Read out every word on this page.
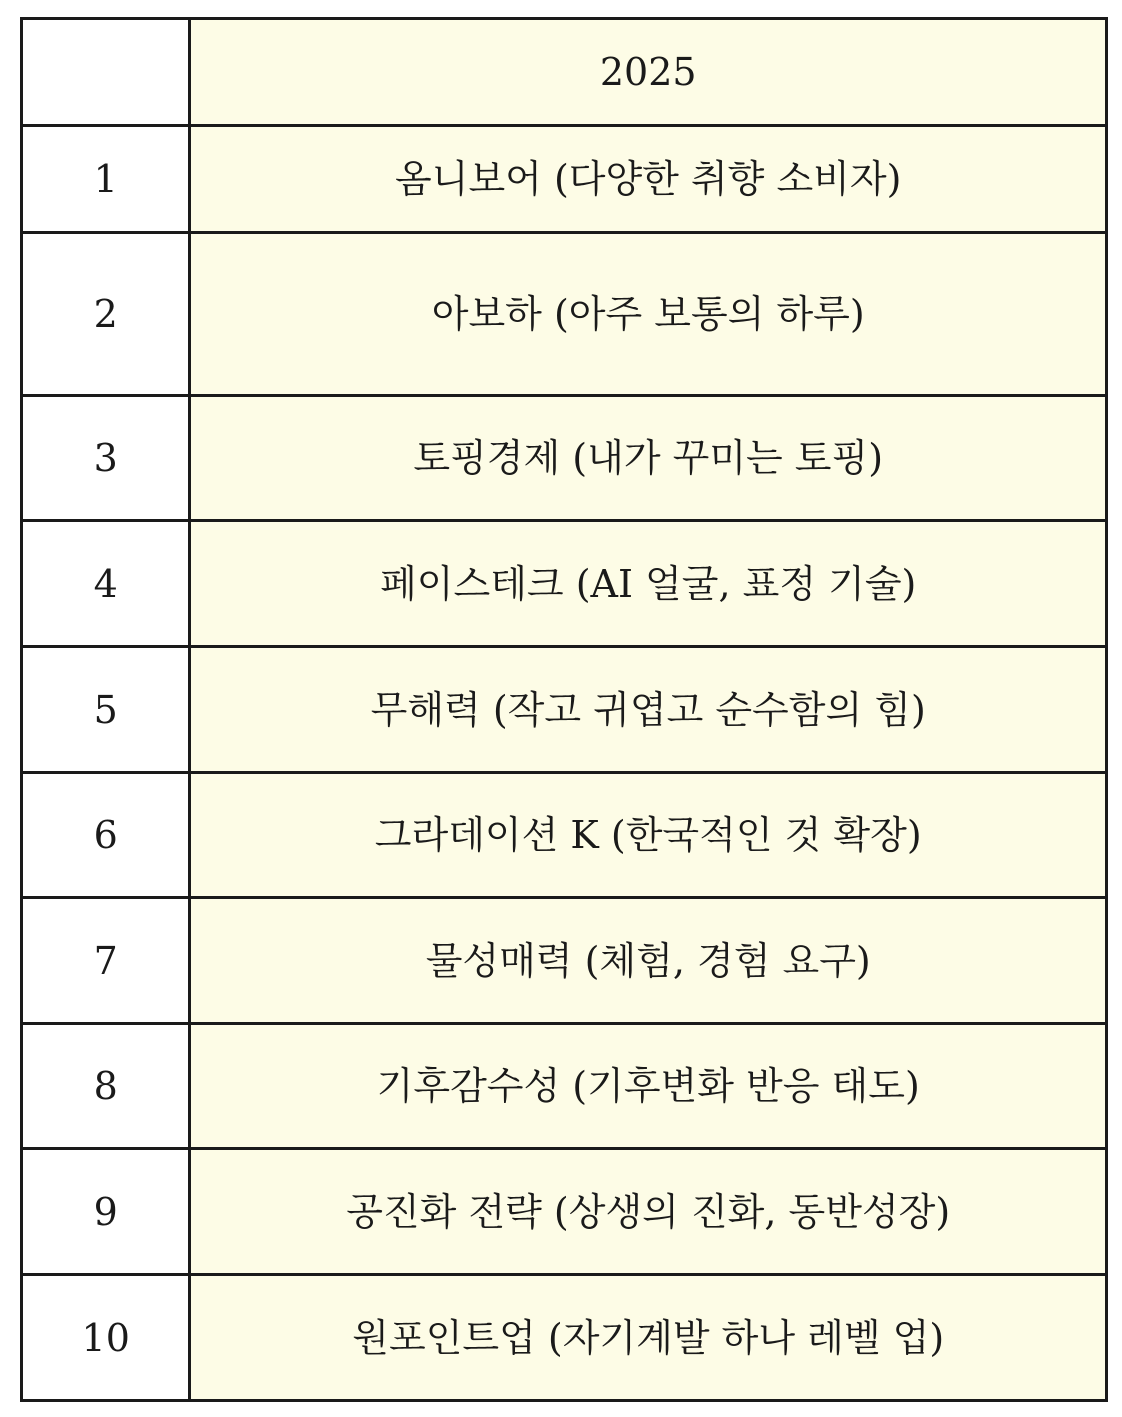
	2025
1	옴니보어 (다양한 취향 소비자)
2	아보하 (아주 보통의 하루)
3	토핑경제 (내가 꾸미는 토핑)
4	페이스테크 (AI 얼굴, 표정 기술)
5	무해력 (작고 귀엽고 순수함의 힘)
6	그라데이션 K (한국적인 것 확장)
7	물성매력 (체험, 경험 요구)
8	기후감수성 (기후변화 반응 태도)
9	공진화 전략 (상생의 진화, 동반성장)
10	원포인트업 (자기계발 하나 레벨 업)
